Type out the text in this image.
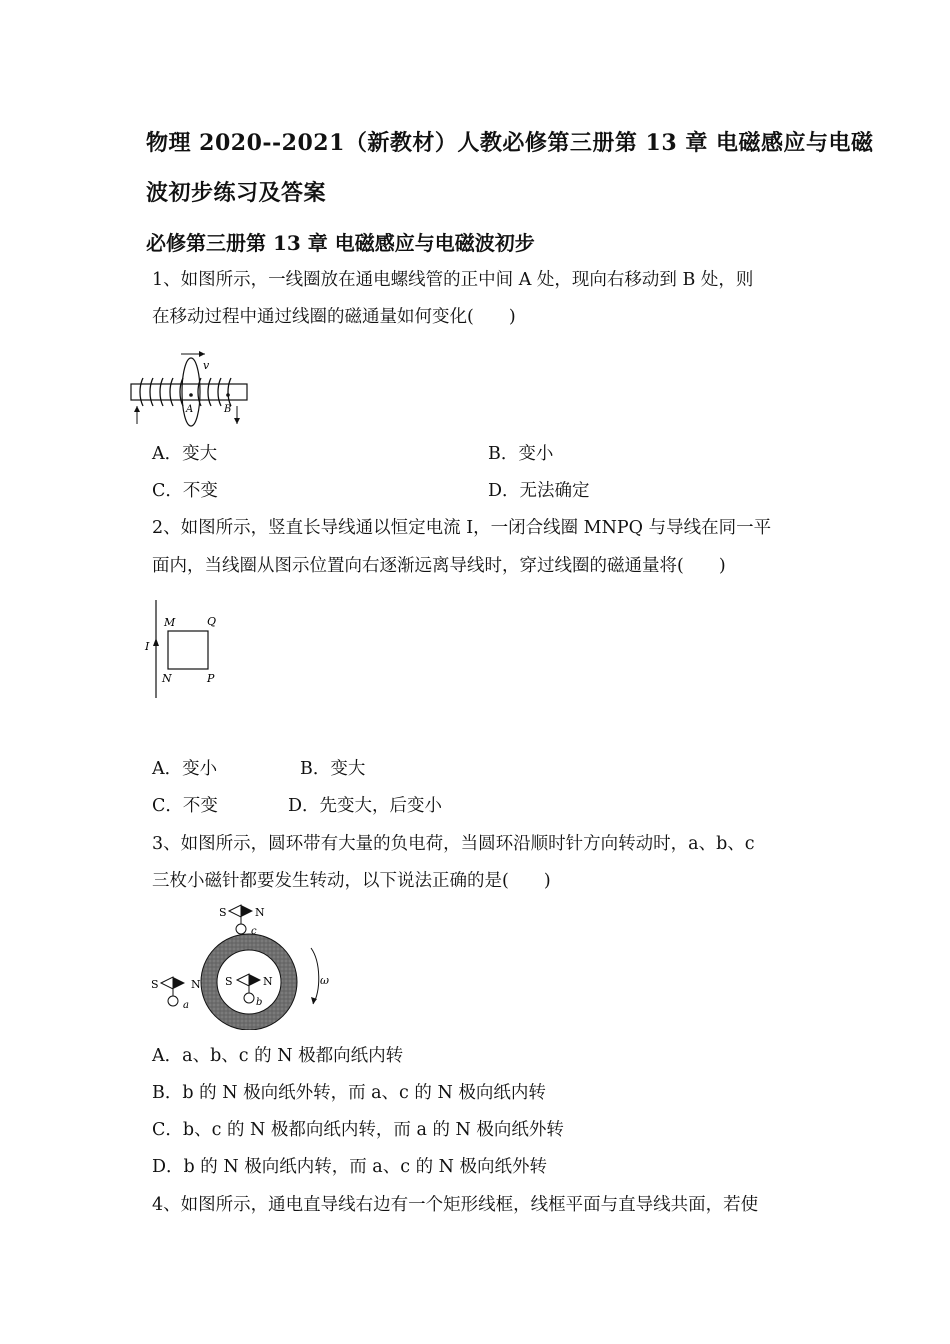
物理 2020--2021（新教材）人教必修第三册第 13 章 电磁感应与电磁
波初步练习及答案
必修第三册第 13 章 电磁感应与电磁波初步
1、如图所示，一线圈放在通电螺线管的正中间 A 处，现向右移动到 B 处，则
在移动过程中通过线圈的磁通量如何变化(　　)
v
A	B
A．变大	B．变小
C．不变	D．无法确定
2、如图所示，竖直长导线通以恒定电流 I，一闭合线圈 MNPQ 与导线在同一平
面内，当线圈从图示位置向右逐渐远离导线时，穿过线圈的磁通量将(　　)
I
M	Q
N	P
A．变小	B．变大
C．不变	D．先变大，后变小
3、如图所示，圆环带有大量的负电荷，当圆环沿顺时针方向转动时，a、b、c
三枚小磁针都要发生转动，以下说法正确的是(　　)
ω
S	N
c
S	N
a
S	N
b
A．a、b、c 的 N 极都向纸内转
B．b 的 N 极向纸外转，而 a、c 的 N 极向纸内转
C．b、c 的 N 极都向纸内转，而 a 的 N 极向纸外转
D．b 的 N 极向纸内转，而 a、c 的 N 极向纸外转
4、如图所示，通电直导线右边有一个矩形线框，线框平面与直导线共面，若使
